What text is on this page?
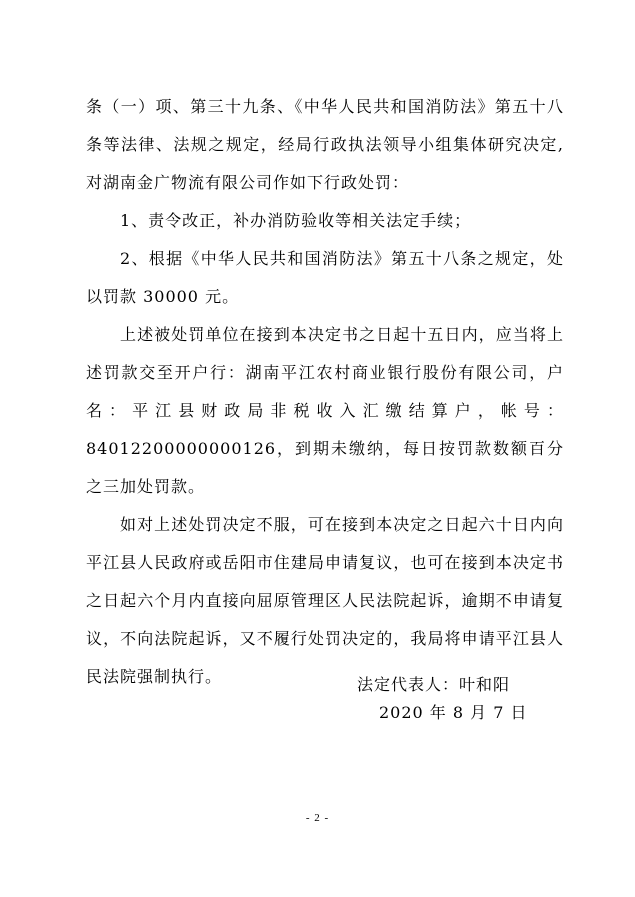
条（一）项、第三十九条、《中华人民共和国消防法》第五十八条等法律、法规之规定，经局行政执法领导小组集体研究决定,对湖南金广物流有限公司作如下行政处罚：

1、责令改正，补办消防验收等相关法定手续；

2、根据《中华人民共和国消防法》第五十八条之规定，处以罚款 30000 元。

上述被处罚单位在接到本决定书之日起十五日内，应当将上述罚款交至开户行：湖南平江农村商业银行股份有限公司，户名：平江县财政局非税收入汇缴结算户，帐号：84012200000000126，到期未缴纳，每日按罚款数额百分之三加处罚款。

如对上述处罚决定不服，可在接到本决定之日起六十日内向平江县人民政府或岳阳市住建局申请复议，也可在接到本决定书之日起六个月内直接向屈原管理区人民法院起诉，逾期不申请复议，不向法院起诉，又不履行处罚决定的，我局将申请平江县人民法院强制执行。	法定代表人：叶和阳
2020 年 8 月 7 日
- 2 -
